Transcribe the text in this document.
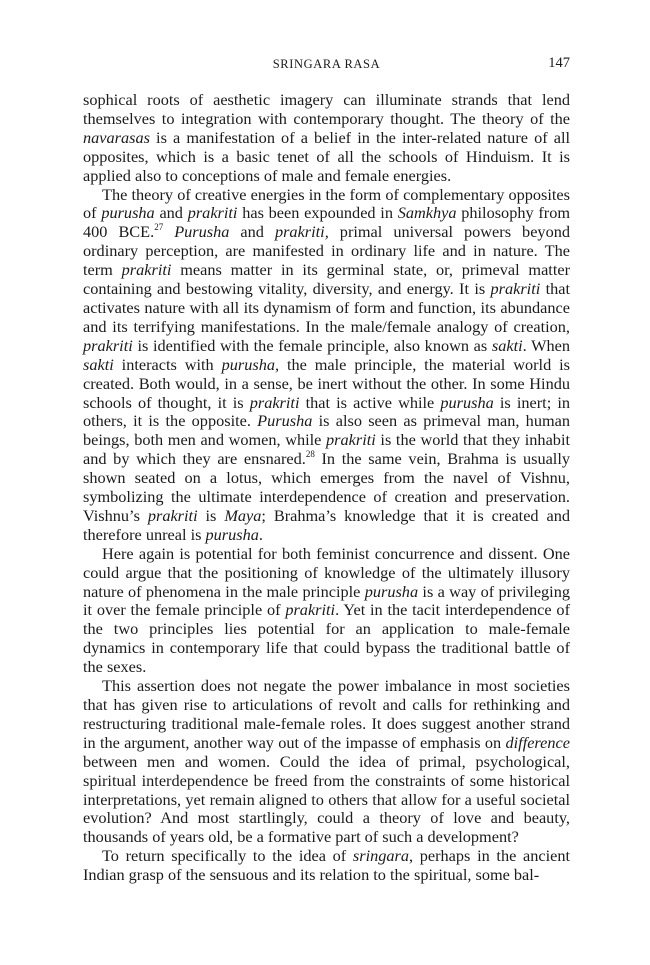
SRINGARA RASA	147

sophical roots of aesthetic imagery can illuminate strands that lend themselves to integration with contemporary thought. The theory of the navarasas is a manifestation of a belief in the inter-related nature of all opposites, which is a basic tenet of all the schools of Hinduism. It is applied also to conceptions of male and female energies.

The theory of creative energies in the form of complementary opposites of purusha and prakriti has been expounded in Samkhya philosophy from 400 BCE.$^{27}$ Purusha and prakriti, primal universal powers beyond ordinary perception, are manifested in ordinary life and in nature. The term prakriti means matter in its germinal state, or, primeval matter containing and bestowing vitality, diversity, and energy. It is prakriti that activates nature with all its dynamism of form and function, its abundance and its terrifying manifestations. In the male/female analogy of creation, prakriti is identified with the female principle, also known as sakti. When sakti interacts with purusha, the male principle, the material world is created. Both would, in a sense, be inert without the other. In some Hindu schools of thought, it is prakriti that is active while purusha is inert; in others, it is the opposite. Purusha is also seen as primeval man, human beings, both men and women, while prakriti is the world that they inhabit and by which they are ensnared.$^{28}$ In the same vein, Brahma is usually shown seated on a lotus, which emerges from the navel of Vishnu, symbolizing the ultimate interdependence of creation and preservation. Vishnu’s prakriti is Maya; Brahma’s knowledge that it is created and therefore unreal is purusha.

Here again is potential for both feminist concurrence and dissent. One could argue that the positioning of knowledge of the ultimately illusory nature of phenomena in the male principle purusha is a way of privileging it over the female principle of prakriti. Yet in the tacit interdependence of the two principles lies potential for an application to male-female dynamics in contemporary life that could bypass the traditional battle of the sexes.

This assertion does not negate the power imbalance in most societies that has given rise to articulations of revolt and calls for rethinking and restructuring traditional male-female roles. It does suggest another strand in the argument, another way out of the impasse of emphasis on difference between men and women. Could the idea of primal, psychological, spiritual interdependence be freed from the constraints of some historical interpretations, yet remain aligned to others that allow for a useful societal evolution? And most startlingly, could a theory of love and beauty, thousands of years old, be a formative part of such a development?

To return specifically to the idea of sringara, perhaps in the ancient Indian grasp of the sensuous and its relation to the spiritual, some bal-
